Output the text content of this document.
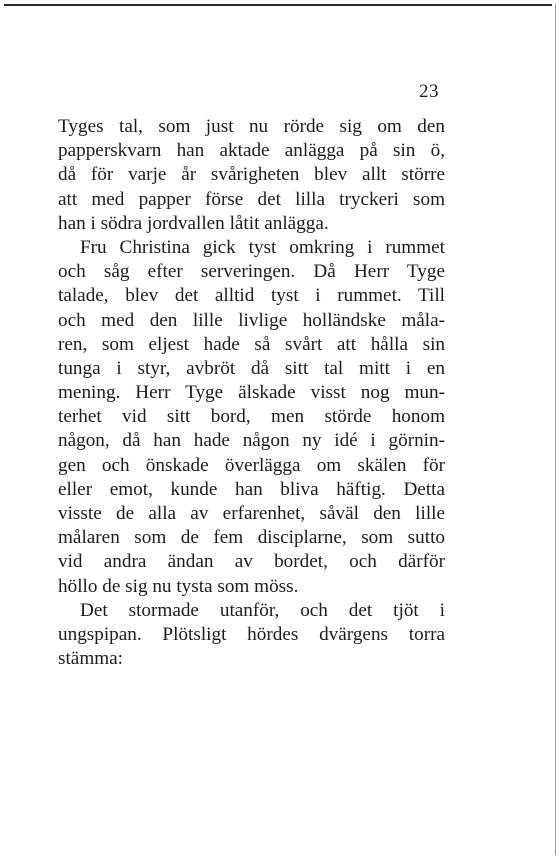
23
Tyges tal, som just nu rörde sig om den
papperskvarn han aktade anlägga på sin ö,
då för varje år svårigheten blev allt större
att med papper förse det lilla tryckeri som
han i södra jordvallen låtit anlägga.
Fru Christina gick tyst omkring i rummet
och såg efter serveringen. Då Herr Tyge
talade, blev det alltid tyst i rummet. Till
och med den lille livlige holländske måla-
ren, som eljest hade så svårt att hålla sin
tunga i styr, avbröt då sitt tal mitt i en
mening. Herr Tyge älskade visst nog mun-
terhet vid sitt bord, men störde honom
någon, då han hade någon ny idé i görnin-
gen och önskade överlägga om skälen för
eller emot, kunde han bliva häftig. Detta
visste de alla av erfarenhet, såväl den lille
målaren som de fem disciplarne, som sutto
vid andra ändan av bordet, och därför
höllo de sig nu tysta som möss.
Det stormade utanför, och det tjöt i
ungspipan. Plötsligt hördes dvärgens torra
stämma:
